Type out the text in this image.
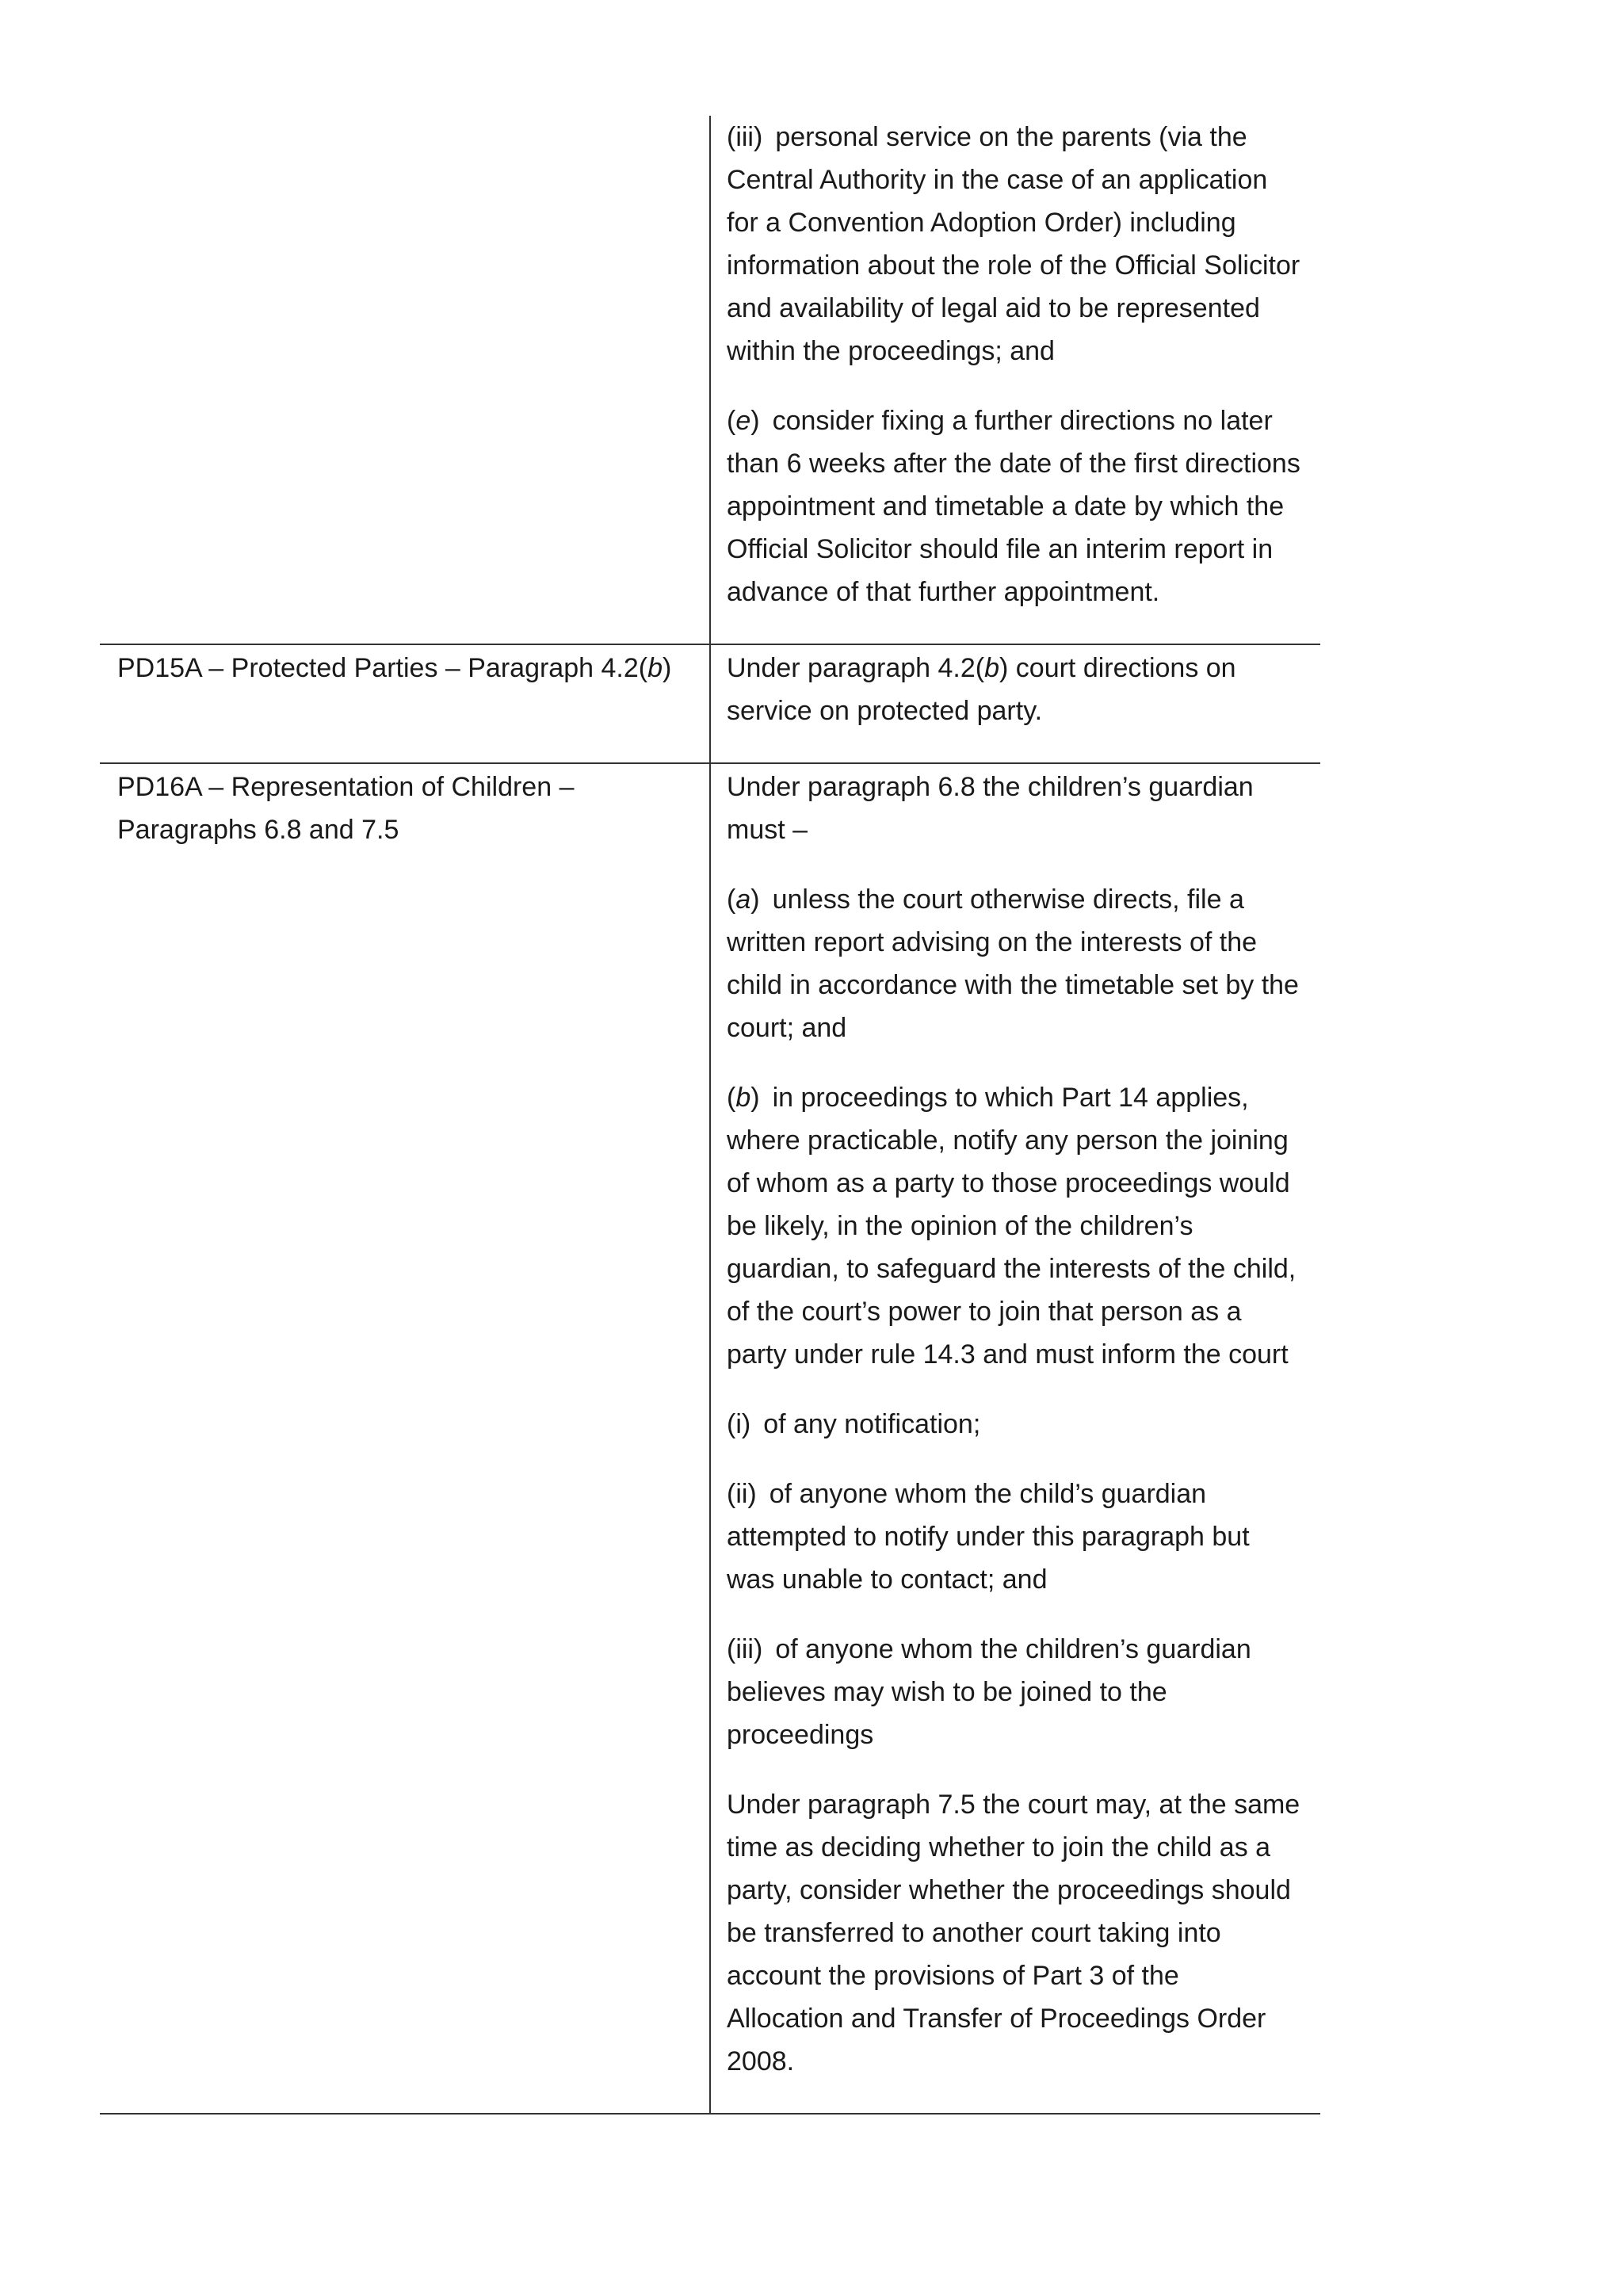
(iii) personal service on the parents (via the Central Authority in the case of an application for a Convention Adoption Order) including information about the role of the Official Solicitor and availability of legal aid to be represented within the proceedings; and

(e) consider fixing a further directions no later than 6 weeks after the date of the first directions appointment and timetable a date by which the Official Solicitor should file an interim report in advance of that further appointment.

PD15A – Protected Parties – Paragraph 4.2(b)	Under paragraph 4.2(b) court directions on service on protected party.

PD16A – Representation of Children – Paragraphs 6.8 and 7.5

Under paragraph 6.8 the children’s guardian must –

(a) unless the court otherwise directs, file a written report advising on the interests of the child in accordance with the timetable set by the court; and

(b) in proceedings to which Part 14 applies, where practicable, notify any person the joining of whom as a party to those proceedings would be likely, in the opinion of the children’s guardian, to safeguard the interests of the child, of the court’s power to join that person as a party under rule 14.3 and must inform the court

(i) of any notification;

(ii) of anyone whom the child’s guardian attempted to notify under this paragraph but was unable to contact; and

(iii) of anyone whom the children’s guardian believes may wish to be joined to the proceedings

Under paragraph 7.5 the court may, at the same time as deciding whether to join the child as a party, consider whether the proceedings should be transferred to another court taking into account the provisions of Part 3 of the Allocation and Transfer of Proceedings Order 2008.
